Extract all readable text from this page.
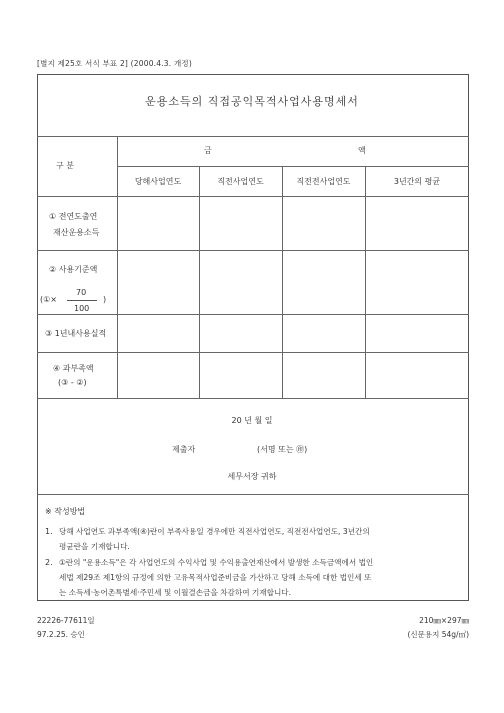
[별지 제25호 서식 부표 2] (2000.4.3. 개정)
운용소득의 직접공익목적사업사용명세서
구 분
금	액
당해사업연도	직전사업연도	직전전사업연도	3년간의 평균
① 전연도출연
재산운용소득
② 사용기준액
70
(①×	)
100
③ 1년내사용실적
④ 과부족액
(③ - ②)
20 년 월 일
제출자	(서명 또는 ㊞)
세무서장 귀하
※ 작성방법
1. 당해 사업연도 과부족액(④)란이 부족사용일 경우에만 직전사업연도, 직전전사업연도, 3년간의
평균란을 기재합니다.
2. ①란의 "운용소득"은 각 사업연도의 수익사업 및 수익용출연재산에서 발생한 소득금액에서 법인
세법 제29조 제1항의 규정에 의한 고유목적사업준비금을 가산하고 당해 소득에 대한 법인세 또
는 소득세·농어촌특별세·주민세 및 이월결손금을 차감하여 기재합니다.
22226-77611일
97.2.25. 승인
210㎜×297㎜
(신문용지 54g/㎡)
